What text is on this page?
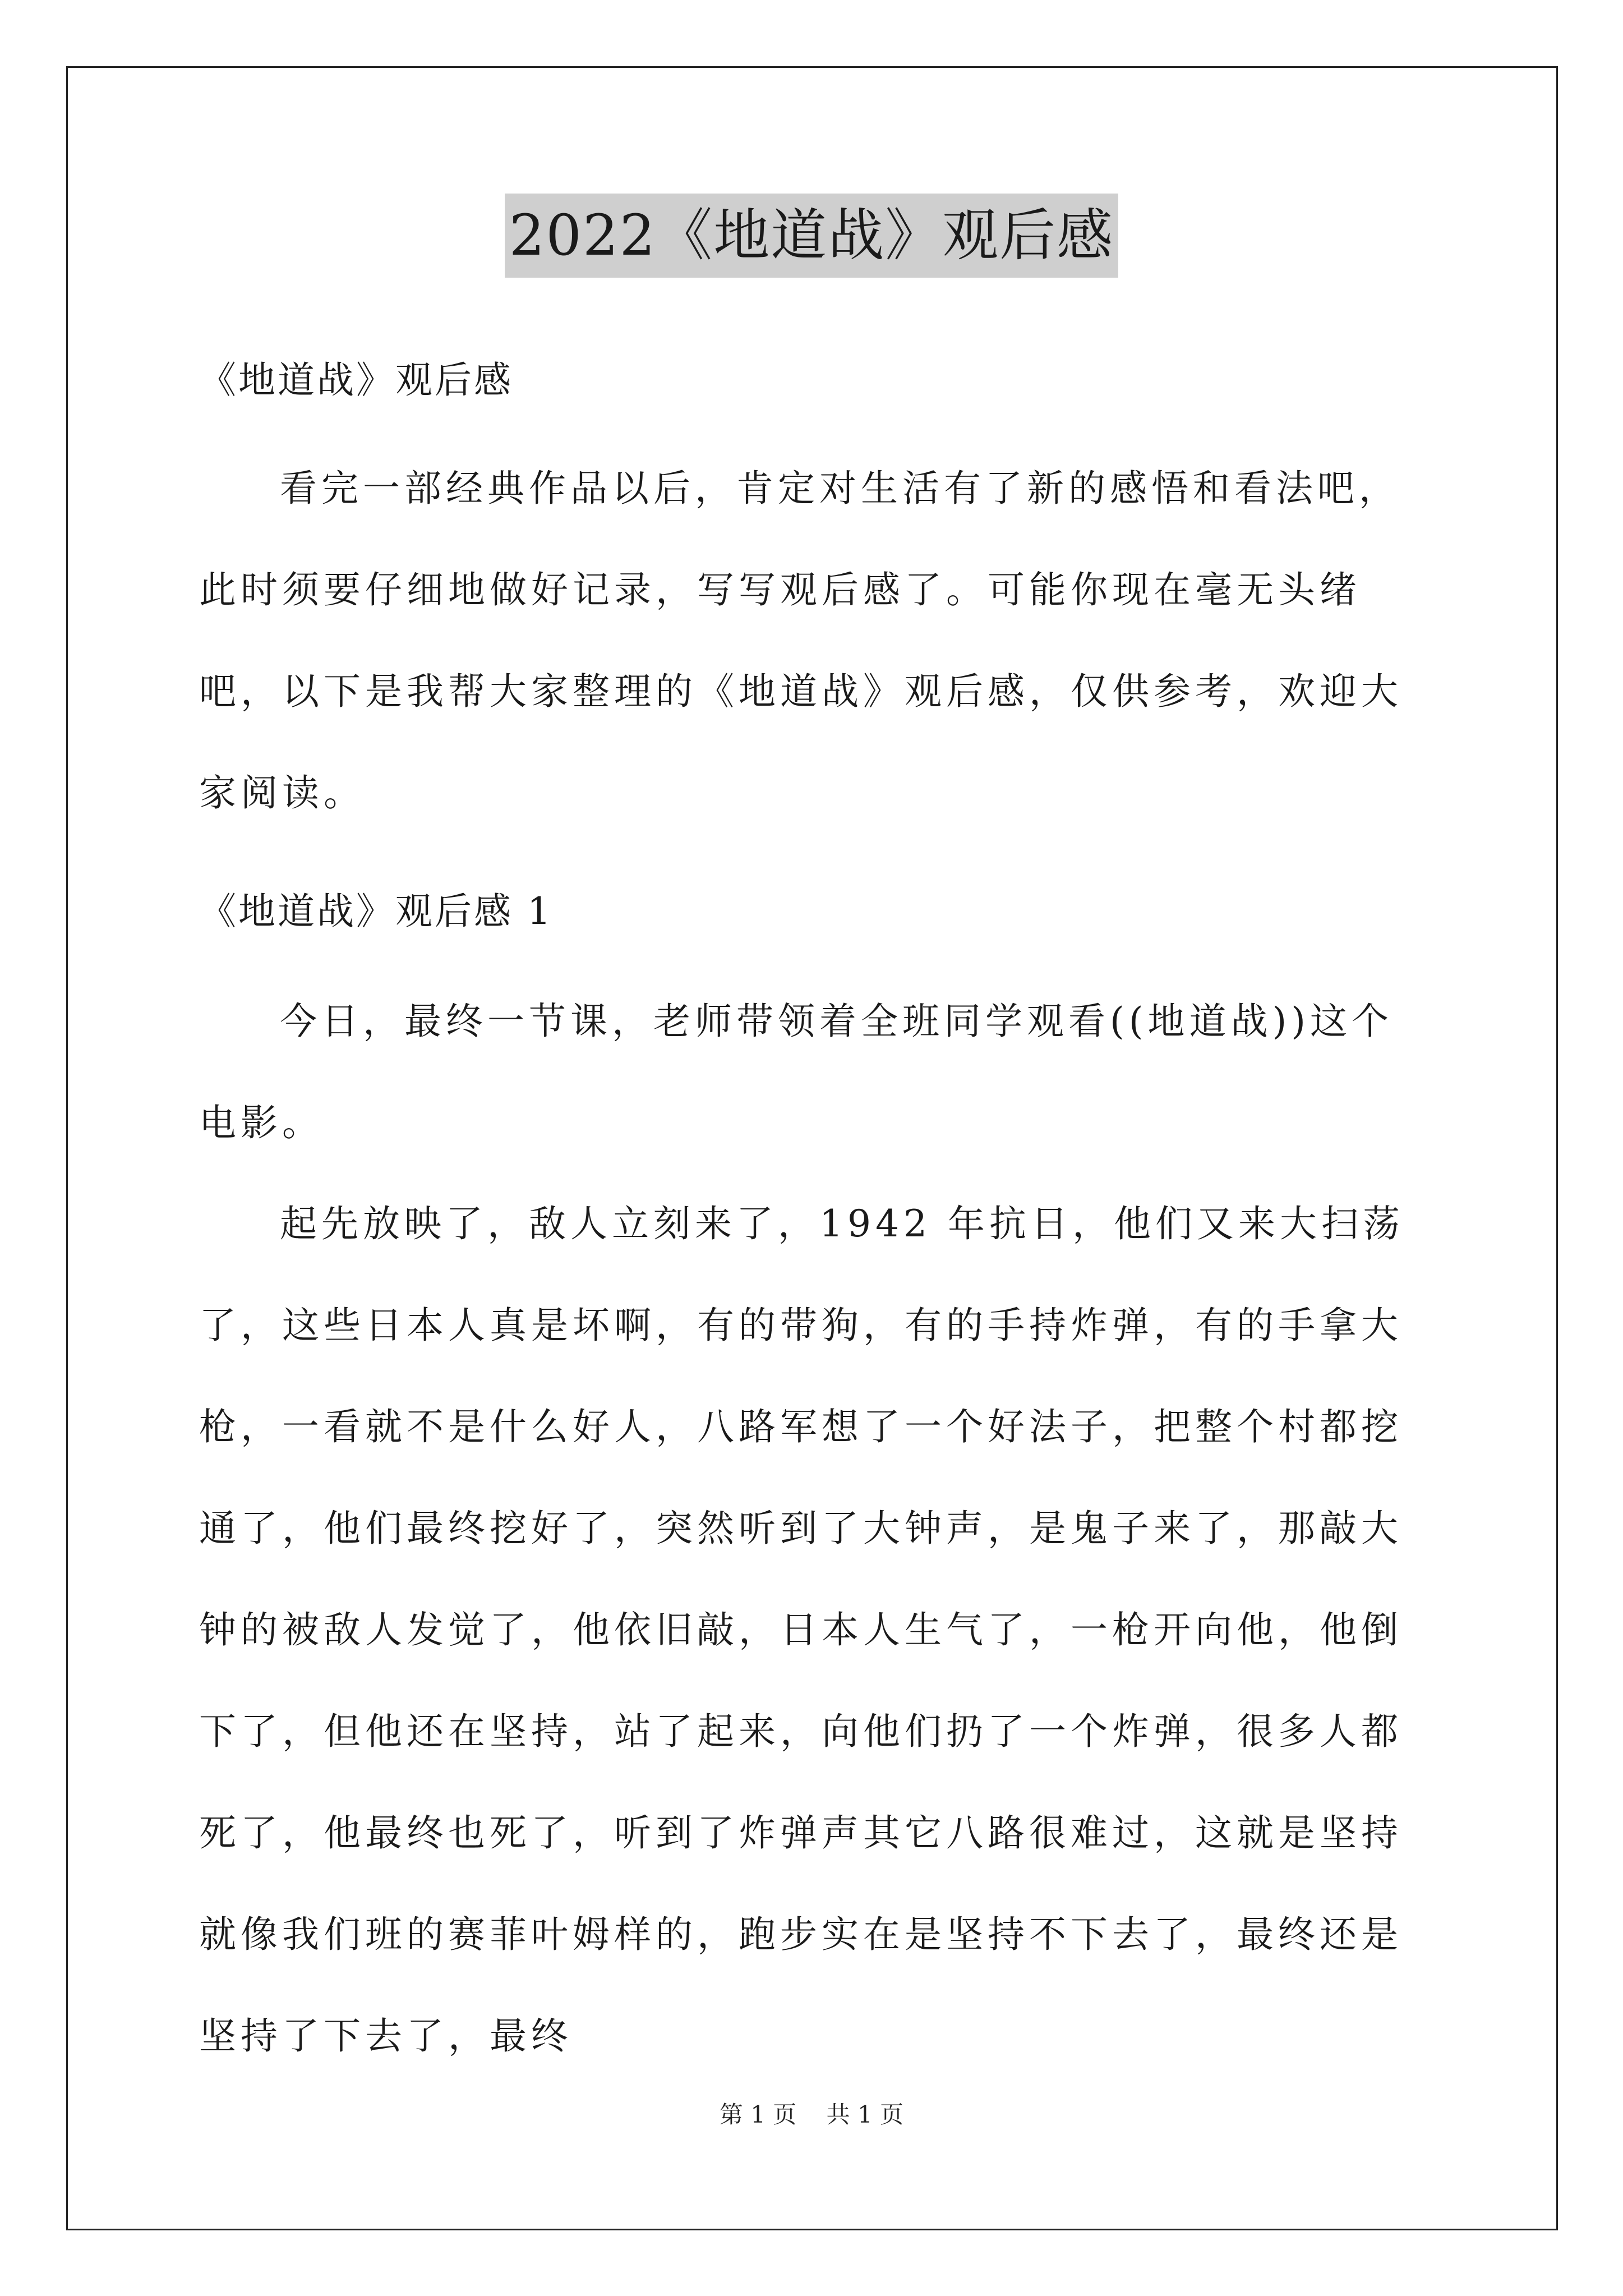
2022《地道战》观后感

《地道战》观后感

看完一部经典作品以后，肯定对生活有了新的感悟和看法吧，此时须要仔细地做好记录，写写观后感了。可能你现在毫无头绪吧，以下是我帮大家整理的《地道战》观后感，仅供参考，欢迎大家阅读。

《地道战》观后感 1

今日，最终一节课，老师带领着全班同学观看((地道战))这个电影。

起先放映了，敌人立刻来了，1942 年抗日，他们又来大扫荡了，这些日本人真是坏啊，有的带狗，有的手持炸弹，有的手拿大枪，一看就不是什么好人，八路军想了一个好法子，把整个村都挖通了，他们最终挖好了，突然听到了大钟声，是鬼子来了，那敲大钟的被敌人发觉了，他依旧敲，日本人生气了，一枪开向他，他倒下了，但他还在坚持，站了起来，向他们扔了一个炸弹，很多人都死了，他最终也死了，听到了炸弹声其它八路很难过，这就是坚持就像我们班的赛菲叶姆样的，跑步实在是坚持不下去了，最终还是坚持了下去了，最终

第 1 页 共 1 页
